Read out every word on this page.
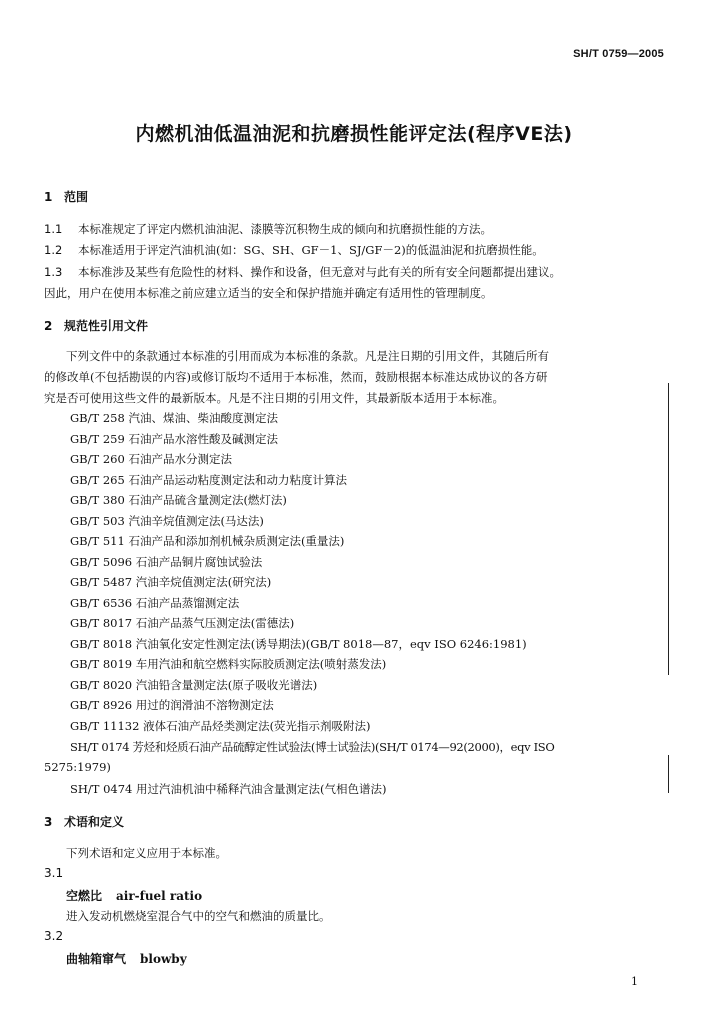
SH/T 0759—2005
内燃机油低温油泥和抗磨损性能评定法(程序ⅤE法)
1 范围
1.1 本标准规定了评定内燃机油油泥、漆膜等沉积物生成的倾向和抗磨损性能的方法。
1.2 本标准适用于评定汽油机油(如：SG、SH、GF－1、SJ/GF－2)的低温油泥和抗磨损性能。
1.3 本标准涉及某些有危险性的材料、操作和设备，但无意对与此有关的所有安全问题都提出建议。
因此，用户在使用本标准之前应建立适当的安全和保护措施并确定有适用性的管理制度。
2 规范性引用文件
下列文件中的条款通过本标准的引用而成为本标准的条款。凡是注日期的引用文件，其随后所有
的修改单(不包括勘误的内容)或修订版均不适用于本标准，然而，鼓励根据本标准达成协议的各方研
究是否可使用这些文件的最新版本。凡是不注日期的引用文件，其最新版本适用于本标准。
GB/T 258 汽油、煤油、柴油酸度测定法
GB/T 259 石油产品水溶性酸及碱测定法
GB/T 260 石油产品水分测定法
GB/T 265 石油产品运动粘度测定法和动力粘度计算法
GB/T 380 石油产品硫含量测定法(燃灯法)
GB/T 503 汽油辛烷值测定法(马达法)
GB/T 511 石油产品和添加剂机械杂质测定法(重量法)
GB/T 5096 石油产品铜片腐蚀试验法
GB/T 5487 汽油辛烷值测定法(研究法)
GB/T 6536 石油产品蒸馏测定法
GB/T 8017 石油产品蒸气压测定法(雷德法)
GB/T 8018 汽油氧化安定性测定法(诱导期法)(GB/T 8018—87，eqv ISO 6246:1981)
GB/T 8019 车用汽油和航空燃料实际胶质测定法(喷射蒸发法)
GB/T 8020 汽油铅含量测定法(原子吸收光谱法)
GB/T 8926 用过的润滑油不溶物测定法
GB/T 11132 液体石油产品烃类测定法(荧光指示剂吸附法)
SH/T 0174 芳烃和烃质石油产品硫醇定性试验法(博士试验法)(SH/T 0174—92(2000)，eqv ISO
5275:1979)
SH/T 0474 用过汽油机油中稀释汽油含量测定法(气相色谱法)
3 术语和定义
下列术语和定义应用于本标准。
3.1
空燃比 air-fuel ratio
进入发动机燃烧室混合气中的空气和燃油的质量比。
3.2
曲轴箱窜气 blowby
1
